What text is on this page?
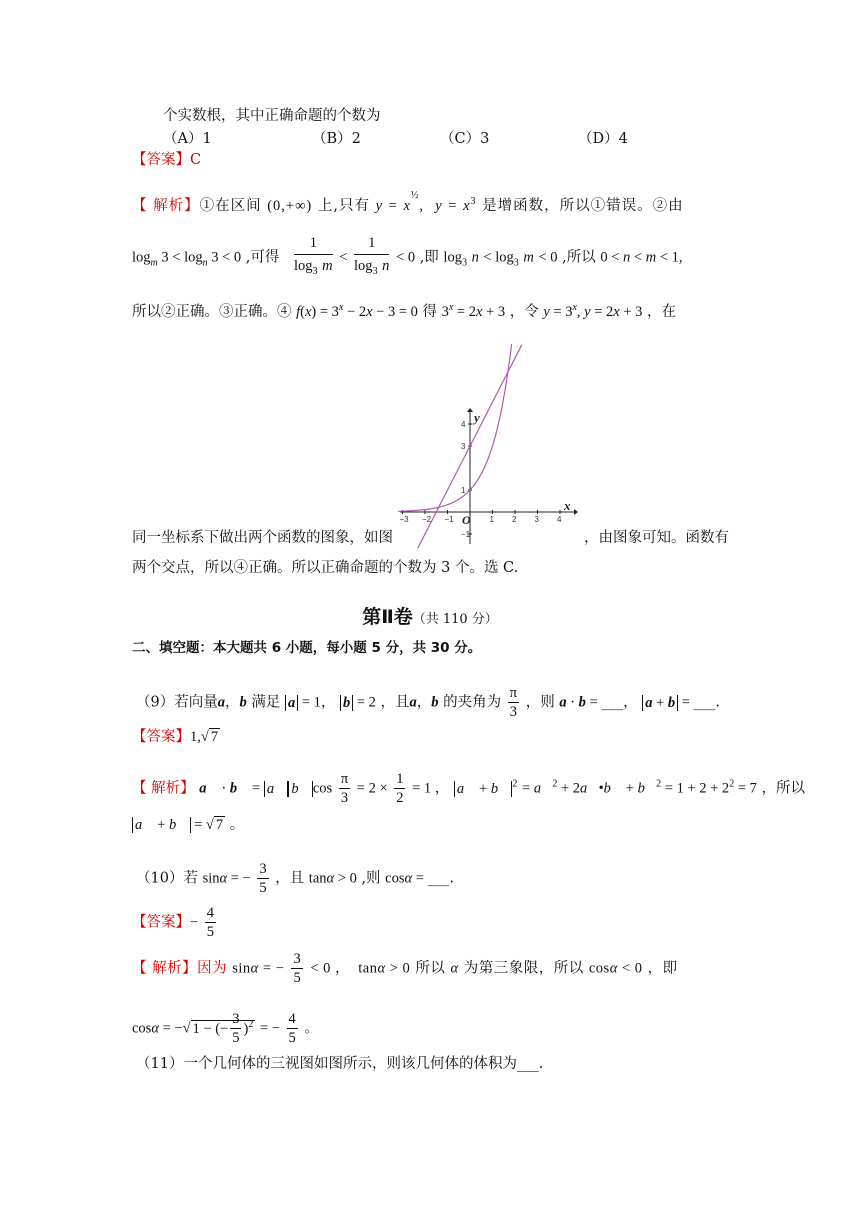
个实数根，其中正确命题的个数为
（A）1	（B）2	（C）3	（D）4
【答案】C
【 解析】①在区间 (0,+∞) 上,只有 $y = x^{\frac{1}{2}}$, $y = x^3$ 是增函数，所以①错误。②由
$\log_m 3 < \log_n 3 < 0$ ,可得 $\frac{1}{\log_3 m} < \frac{1}{\log_3 n} < 0$ ,即 $\log_3 n < \log_3 m < 0$ ,所以 0 < n < m < 1,
所以②正确。③正确。④ $f(x) = 3^x - 2x - 3 = 0$ 得 $3^x = 2x + 3$ ，令 $y = 3^x$, y = 2x + 3 ，在
−3 −2 −1	1 2 3 4
4
3
1
−1
x
y
O
同一坐标系下做出两个函数的图象，如图	，由图象可知。函数有
两个交点，所以④正确。所以正确命题的个数为 3 个。选 C.
第Ⅱ卷（共 110 分）
二、填空题：本大题共 6 小题，每小题 5 分，共 30 分。
（9）若向量a，b 满足 a = 1， b = 2 ，且a，b 的夹角为 $\frac{\pi}{3}$ ，则 a · b = ___， a + b = ___.
【答案】1,√ 7
【 解析】 a⃗ · b⃗ = a⃗ b⃗ $\cos \frac{\pi}{3} = 2 \times \frac{1}{2} = 1$ ， a⃗ + b⃗ $^2$ = a⃗$^2$ + 2a⃗•b⃗ + b⃗$^2$ = $1 + 2 + 2^2 = 7$ ，所以
a⃗ + b⃗ = √ 7 。
（10）若 sinα = − $\frac{3}{5}$ ，且 tanα > 0 ,则 cosα = ___.
【答案】− $\frac{4}{5}$
【 解析】因为 sinα = − $\frac{3}{5} < 0$ ，  tanα > 0 所以 α 为第三象限，所以 cosα < 0 ，即
cosα = −√ 1 − (− $\frac{3}{5} )^2$ = − $\frac{4}{5}$ 。
（11）一个几何体的三视图如图所示，则该几何体的体积为___.
